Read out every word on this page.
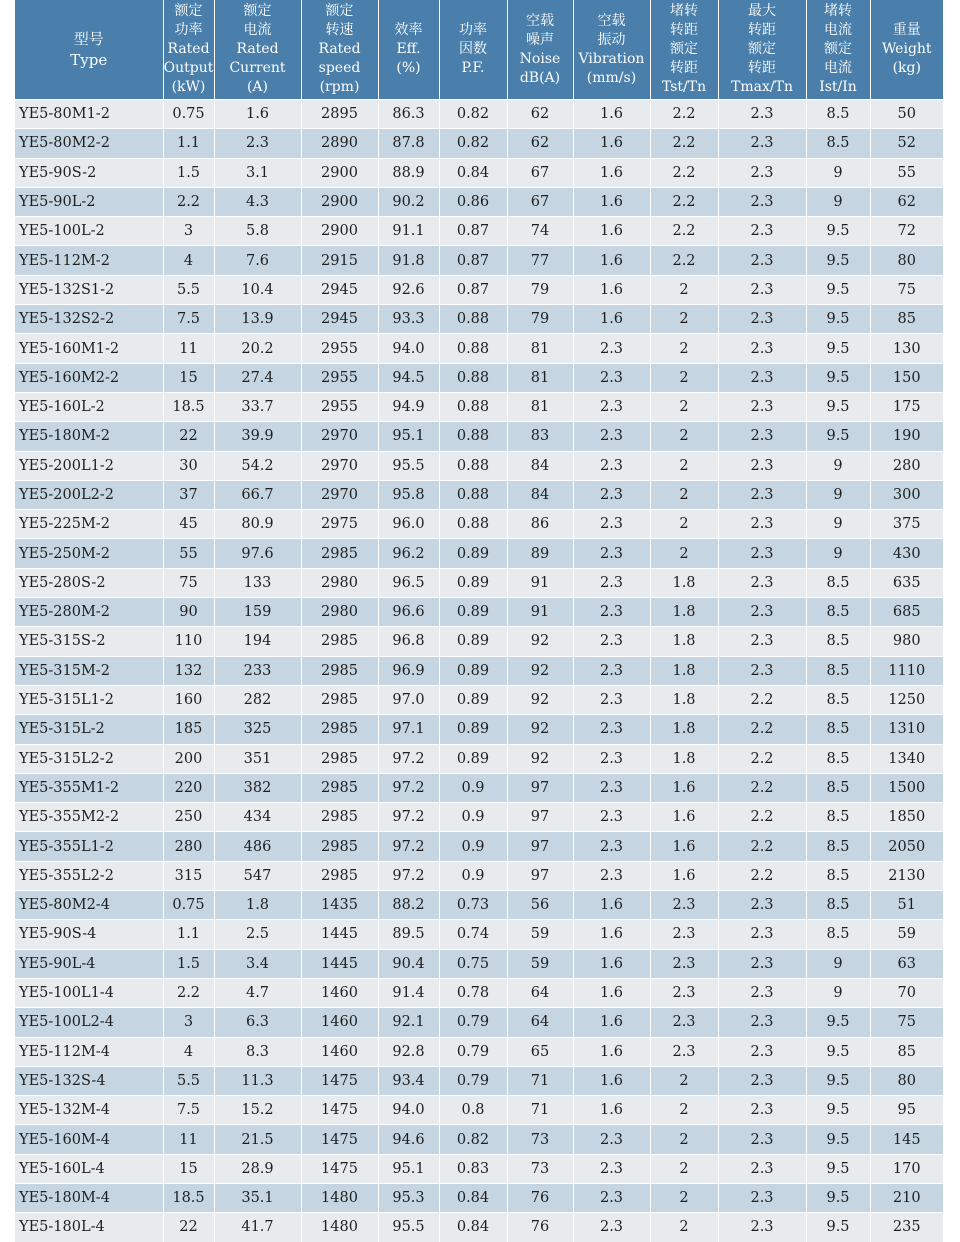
型号
Type	额定
功率
Rated
Output
(kW)	额定
电流
Rated
Current
(A)	额定
转速
Rated
speed
(rpm)	效率
Eff.
(%)	功率
因数
P.F.	空载
噪声
Noise
dB(A)	空载
振动
Vibration
(mm/s)	堵转
转距
额定
转距
Tst/Tn	最大
转距
额定
转距
Tmax/Tn	堵转
电流
额定
电流
Ist/In	重量
Weight
(kg)

YE5-80M1-2	0.75	1.6	2895	86.3	0.82	62	1.6	2.2	2.3	8.5	50
YE5-80M2-2	1.1	2.3	2890	87.8	0.82	62	1.6	2.2	2.3	8.5	52
YE5-90S-2	1.5	3.1	2900	88.9	0.84	67	1.6	2.2	2.3	9	55
YE5-90L-2	2.2	4.3	2900	90.2	0.86	67	1.6	2.2	2.3	9	62
YE5-100L-2	3	5.8	2900	91.1	0.87	74	1.6	2.2	2.3	9.5	72
YE5-112M-2	4	7.6	2915	91.8	0.87	77	1.6	2.2	2.3	9.5	80
YE5-132S1-2	5.5	10.4	2945	92.6	0.87	79	1.6	2	2.3	9.5	75
YE5-132S2-2	7.5	13.9	2945	93.3	0.88	79	1.6	2	2.3	9.5	85
YE5-160M1-2	11	20.2	2955	94.0	0.88	81	2.3	2	2.3	9.5	130
YE5-160M2-2	15	27.4	2955	94.5	0.88	81	2.3	2	2.3	9.5	150
YE5-160L-2	18.5	33.7	2955	94.9	0.88	81	2.3	2	2.3	9.5	175
YE5-180M-2	22	39.9	2970	95.1	0.88	83	2.3	2	2.3	9.5	190
YE5-200L1-2	30	54.2	2970	95.5	0.88	84	2.3	2	2.3	9	280
YE5-200L2-2	37	66.7	2970	95.8	0.88	84	2.3	2	2.3	9	300
YE5-225M-2	45	80.9	2975	96.0	0.88	86	2.3	2	2.3	9	375
YE5-250M-2	55	97.6	2985	96.2	0.89	89	2.3	2	2.3	9	430
YE5-280S-2	75	133	2980	96.5	0.89	91	2.3	1.8	2.3	8.5	635
YE5-280M-2	90	159	2980	96.6	0.89	91	2.3	1.8	2.3	8.5	685
YE5-315S-2	110	194	2985	96.8	0.89	92	2.3	1.8	2.3	8.5	980
YE5-315M-2	132	233	2985	96.9	0.89	92	2.3	1.8	2.3	8.5	1110
YE5-315L1-2	160	282	2985	97.0	0.89	92	2.3	1.8	2.2	8.5	1250
YE5-315L-2	185	325	2985	97.1	0.89	92	2.3	1.8	2.2	8.5	1310
YE5-315L2-2	200	351	2985	97.2	0.89	92	2.3	1.8	2.2	8.5	1340
YE5-355M1-2	220	382	2985	97.2	0.9	97	2.3	1.6	2.2	8.5	1500
YE5-355M2-2	250	434	2985	97.2	0.9	97	2.3	1.6	2.2	8.5	1850
YE5-355L1-2	280	486	2985	97.2	0.9	97	2.3	1.6	2.2	8.5	2050
YE5-355L2-2	315	547	2985	97.2	0.9	97	2.3	1.6	2.2	8.5	2130
YE5-80M2-4	0.75	1.8	1435	88.2	0.73	56	1.6	2.3	2.3	8.5	51
YE5-90S-4	1.1	2.5	1445	89.5	0.74	59	1.6	2.3	2.3	8.5	59
YE5-90L-4	1.5	3.4	1445	90.4	0.75	59	1.6	2.3	2.3	9	63
YE5-100L1-4	2.2	4.7	1460	91.4	0.78	64	1.6	2.3	2.3	9	70
YE5-100L2-4	3	6.3	1460	92.1	0.79	64	1.6	2.3	2.3	9.5	75
YE5-112M-4	4	8.3	1460	92.8	0.79	65	1.6	2.3	2.3	9.5	85
YE5-132S-4	5.5	11.3	1475	93.4	0.79	71	1.6	2	2.3	9.5	80
YE5-132M-4	7.5	15.2	1475	94.0	0.8	71	1.6	2	2.3	9.5	95
YE5-160M-4	11	21.5	1475	94.6	0.82	73	2.3	2	2.3	9.5	145
YE5-160L-4	15	28.9	1475	95.1	0.83	73	2.3	2	2.3	9.5	170
YE5-180M-4	18.5	35.1	1480	95.3	0.84	76	2.3	2	2.3	9.5	210
YE5-180L-4	22	41.7	1480	95.5	0.84	76	2.3	2	2.3	9.5	235
